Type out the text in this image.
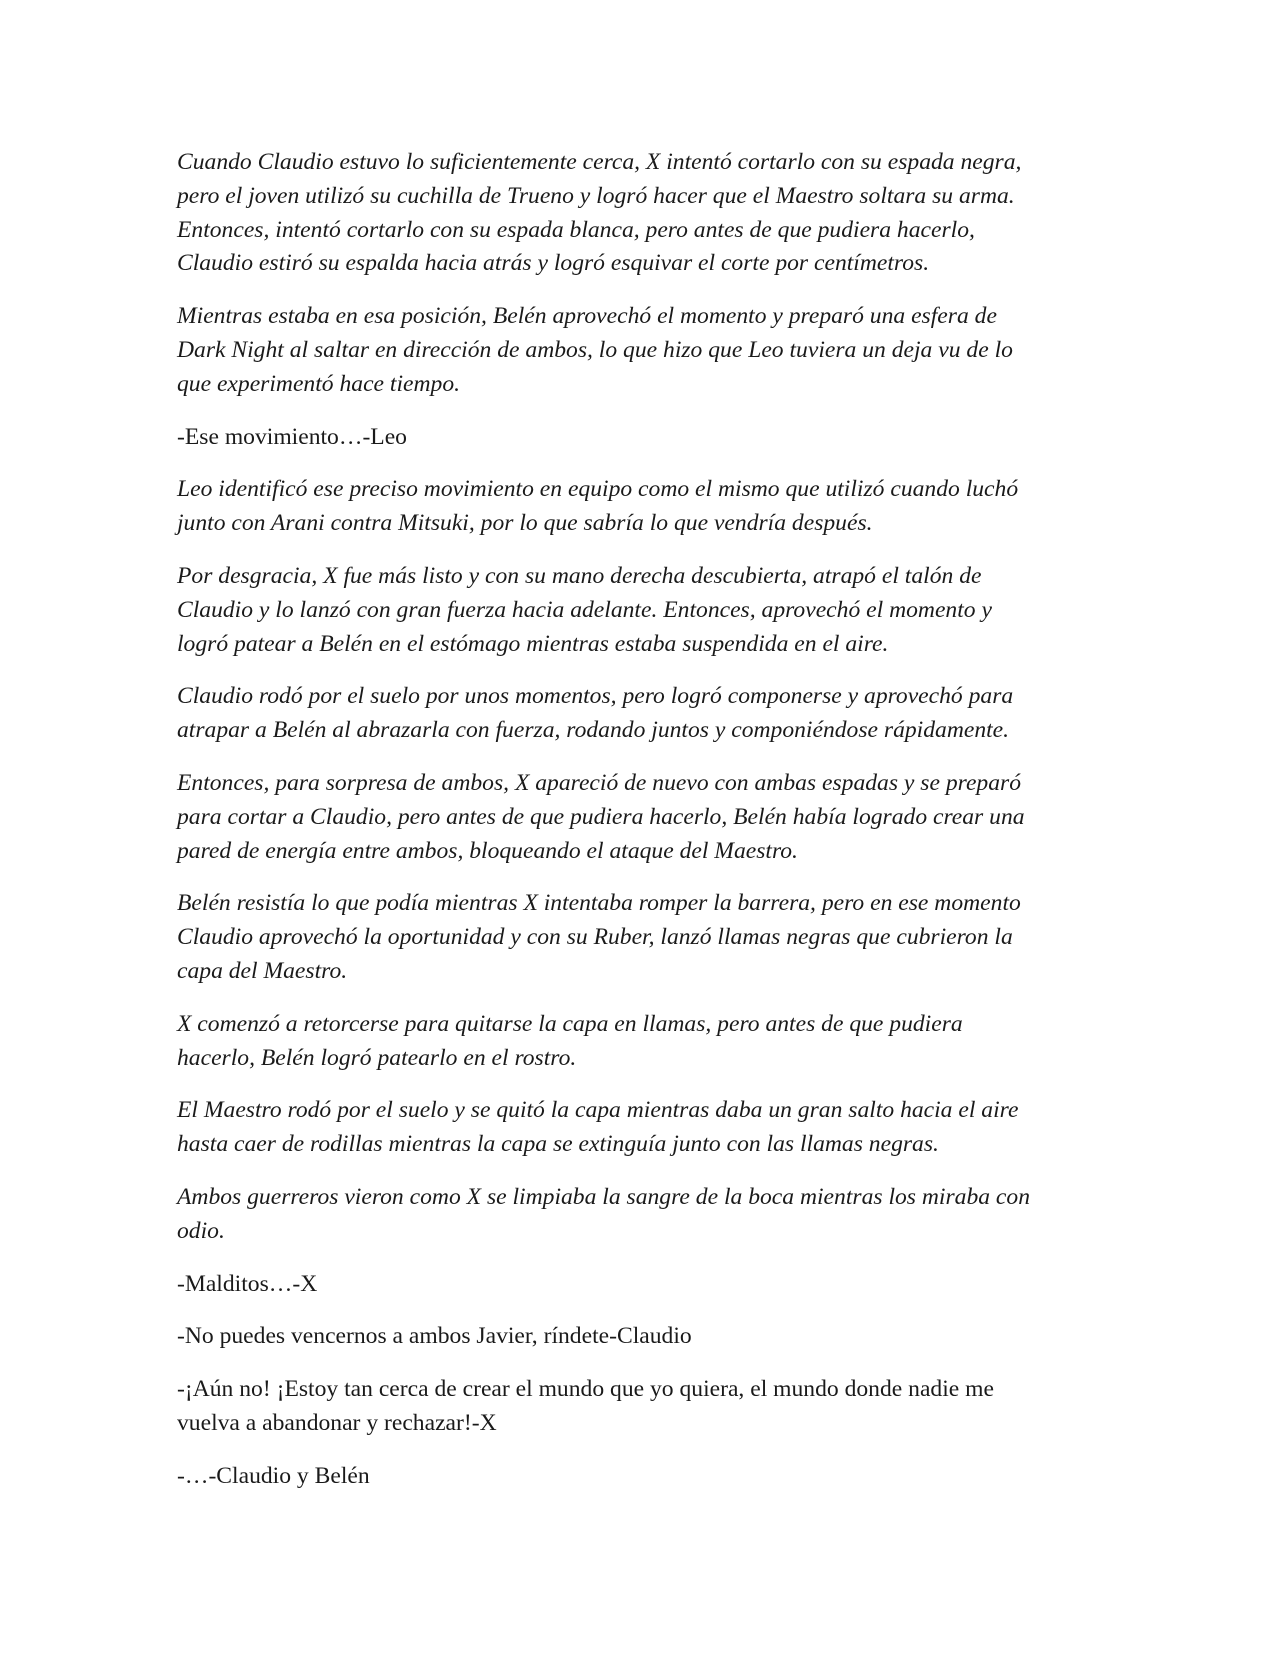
Cuando Claudio estuvo lo suficientemente cerca, X intentó cortarlo con su espada negra,
pero el joven utilizó su cuchilla de Trueno y logró hacer que el Maestro soltara su arma.
Entonces, intentó cortarlo con su espada blanca, pero antes de que pudiera hacerlo,
Claudio estiró su espalda hacia atrás y logró esquivar el corte por centímetros.

Mientras estaba en esa posición, Belén aprovechó el momento y preparó una esfera de
Dark Night al saltar en dirección de ambos, lo que hizo que Leo tuviera un deja vu de lo
que experimentó hace tiempo.

-Ese movimiento…-Leo

Leo identificó ese preciso movimiento en equipo como el mismo que utilizó cuando luchó
junto con Arani contra Mitsuki, por lo que sabría lo que vendría después.

Por desgracia, X fue más listo y con su mano derecha descubierta, atrapó el talón de
Claudio y lo lanzó con gran fuerza hacia adelante. Entonces, aprovechó el momento y
logró patear a Belén en el estómago mientras estaba suspendida en el aire.

Claudio rodó por el suelo por unos momentos, pero logró componerse y aprovechó para
atrapar a Belén al abrazarla con fuerza, rodando juntos y componiéndose rápidamente.

Entonces, para sorpresa de ambos, X apareció de nuevo con ambas espadas y se preparó
para cortar a Claudio, pero antes de que pudiera hacerlo, Belén había logrado crear una
pared de energía entre ambos, bloqueando el ataque del Maestro.

Belén resistía lo que podía mientras X intentaba romper la barrera, pero en ese momento
Claudio aprovechó la oportunidad y con su Ruber, lanzó llamas negras que cubrieron la
capa del Maestro.

X comenzó a retorcerse para quitarse la capa en llamas, pero antes de que pudiera
hacerlo, Belén logró patearlo en el rostro.

El Maestro rodó por el suelo y se quitó la capa mientras daba un gran salto hacia el aire
hasta caer de rodillas mientras la capa se extinguía junto con las llamas negras.

Ambos guerreros vieron como X se limpiaba la sangre de la boca mientras los miraba con
odio.

-Malditos…-X

-No puedes vencernos a ambos Javier, ríndete-Claudio

-¡Aún no! ¡Estoy tan cerca de crear el mundo que yo quiera, el mundo donde nadie me
vuelva a abandonar y rechazar!-X

-…-Claudio y Belén
